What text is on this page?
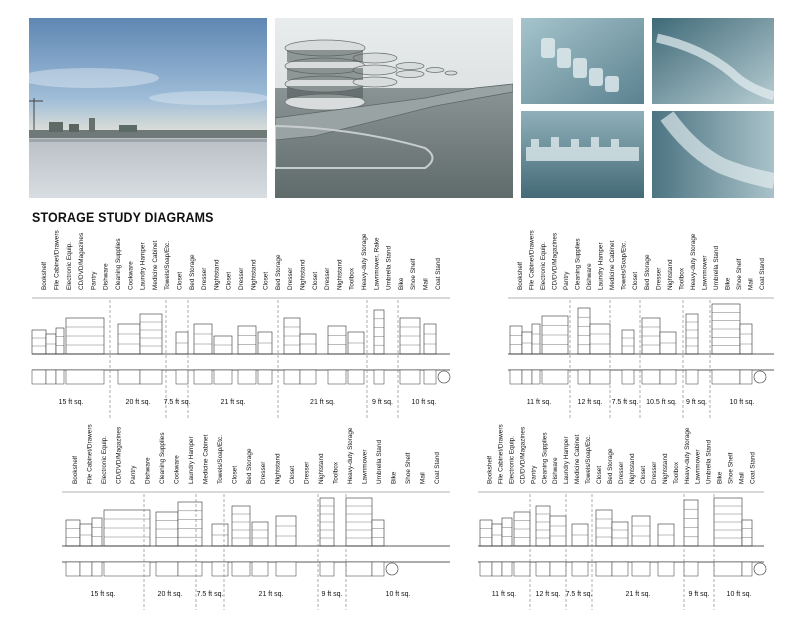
STORAGE STUDY DIAGRAMS
Bookshelf File Cabinet/Drawers Electronic Equip. CD/DVD/Magazines Pantry Dishware Cleaning Supplies Cookware Laundry Hamper Medicine Cabinet Towels/Soap/Etc. Closet Bed Storage Dresser Nightstand Closet Dresser Nightstand Closet Bed Storage Dresser Nightstand Closet Dresser Nightstand Toolbox Heavy-duty Storage Lawnmower, Rake Umbrella Stand Bike Shoe Shelf Mail Coat Stand
15 ft sq.	20 ft sq. 7.5 ft sq.	21 ft sq.	21 ft sq.	9 ft sq.	10 ft sq.
Bookshelf File Cabinet/Drawers Electronic Equip. CD/DVD/Magazines Pantry Cleaning Supplies Dishware Laundry Hamper Medicine Cabinet Towels/Soap/Etc. Closet Bed Storage Dresser Nightstand Toolbox Heavy-duty Storage Lawnmower Umbrella Stand Bike Shoe Shelf Mail Coat Stand
11 ft sq.	12 ft sq. 7.5 ft sq. 10.5 ft sq. 9 ft sq.	10 ft sq.
Bookshelf File Cabinet/Drawers Electronic Equip. CD/DVD/Magazines Pantry Dishware Cleaning Supplies Cookware Laundry Hamper Medicine Cabinet Towels/Soap/Etc. Closet Bed Storage Dresser Nightstand Closet Dresser Nightstand Toolbox Heavy-duty Storage Lawnmower Umbrella Stand Bike Shoe Shelf Mail Coat Stand
15 ft sq.	20 ft sq. 7.5 ft sq.	21 ft sq.	9 ft sq.	10 ft sq.
Bookshelf File Cabinet/Drawers Electronic Equip. CD/DVD/Magazines Pantry Cleaning Supplies Dishware Laundry Hamper Medicine Cabinet Towels/Soap/Etc. Closet Bed Storage Dresser Nightstand Closet Dresser Nightstand Toolbox Heavy-duty Storage Lawnmower Umbrella Stand Bike Shoe Shelf Mail Coat Stand
11 ft sq.	12 ft sq. 7.5 ft sq.	21 ft sq.	9 ft sq. 10 ft sq.
